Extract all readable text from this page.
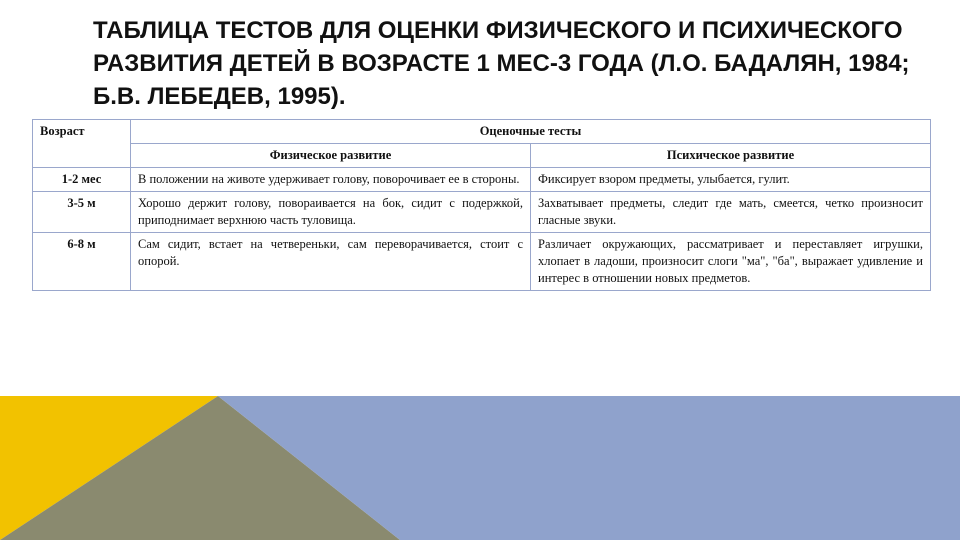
ТАБЛИЦА ТЕСТОВ ДЛЯ ОЦЕНКИ ФИЗИЧЕСКОГО И ПСИХИЧЕСКОГО РАЗВИТИЯ ДЕТЕЙ В ВОЗРАСТЕ 1 МЕС-3 ГОДА (Л.О. БАДАЛЯН, 1984; Б.В. ЛЕБЕДЕВ, 1995).
Возраст	Оценочные тесты	
	Физическое развитие	Психическое развитие
1-2 мес	В положении на животе удерживает голову, поворочивает ее в стороны.	Фиксирует взором предметы, улыбается, гулит.
3-5 м	Хорошо держит голову, повораивается на бок, сидит с подержкой, приподнимает верхнюю часть туловища.	Захватывает предметы, следит где мать, смеется, четко произносит гласные звуки.
6-8 м	Сам сидит, встает на четвереньки, сам переворачивается, стоит с опорой.	Различает окружающих, рассматривает и переставляет игрушки, хлопает в ладоши, произносит слоги "ма", "ба", выражает удивление и интерес в отношении новых предметов.
